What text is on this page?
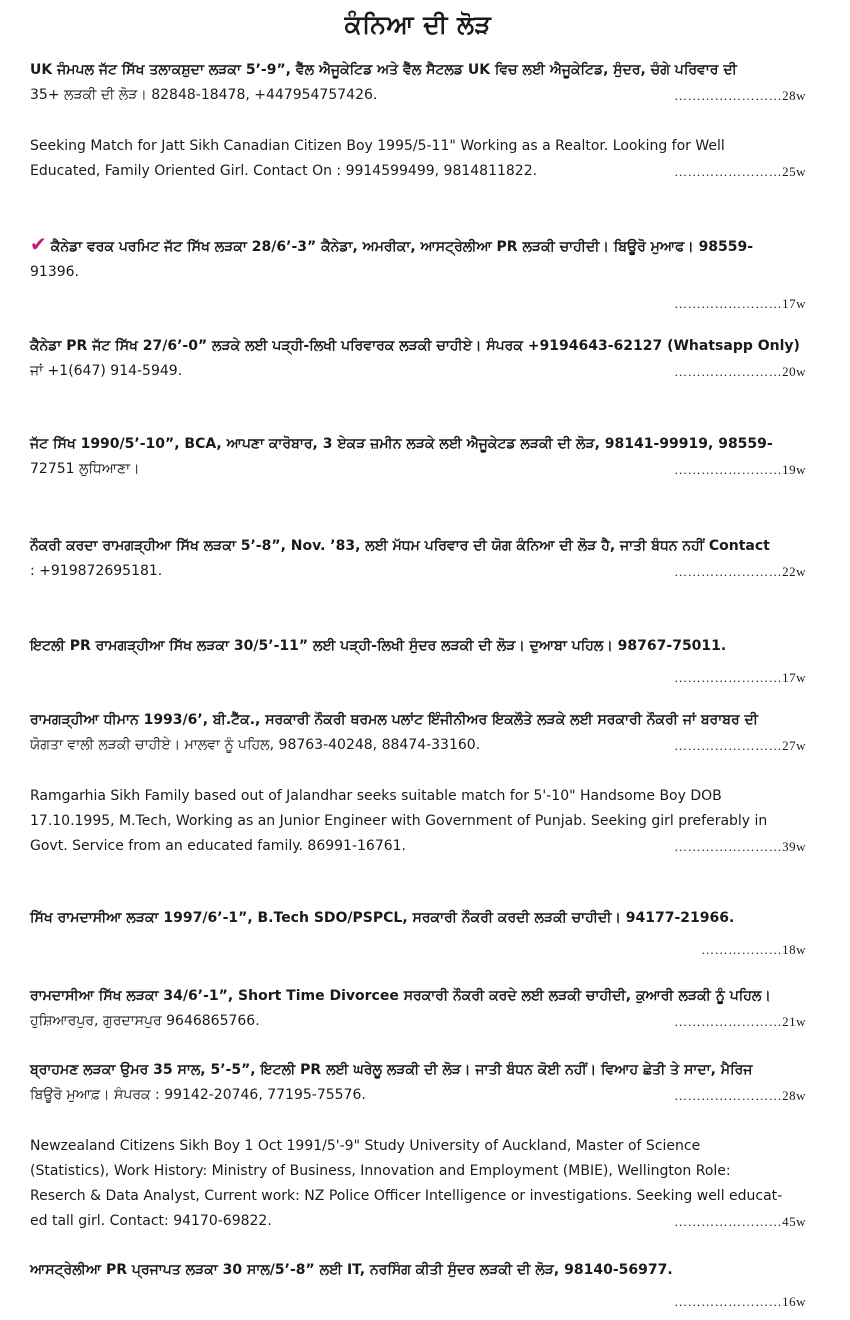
ਕੰਨਿਆ ਦੀ ਲੋੜ
UK ਜੰਮਪਲ ਜੱਟ ਸਿੱਖ ਤਲਾਕਸ਼ੁਦਾ ਲੜਕਾ 5’-9”, ਵੈੱਲ ਐਜੂਕੇਟਿਡ ਅਤੇ ਵੈੱਲ ਸੈਟਲਡ UK ਵਿਚ ਲਈ ਐਜੂਕੇਟਿਡ, ਸੁੰਦਰ, ਚੰਗੇ ਪਰਿਵਾਰ ਦੀ
35+ ਲੜਕੀ ਦੀ ਲੋੜ। 82848-18478, +447954757426.	……………………28w
Seeking Match for Jatt Sikh Canadian Citizen Boy 1995/5-11" Working as a Realtor. Looking for Well
Educated, Family Oriented Girl. Contact On : 9914599499, 9814811822.	……………………25w
✔ ਕੈਨੇਡਾ ਵਰਕ ਪਰਮਿਟ ਜੱਟ ਸਿੱਖ ਲੜਕਾ 28/6’-3” ਕੈਨੇਡਾ, ਅਮਰੀਕਾ, ਆਸਟ੍ਰੇਲੀਆ PR ਲੜਕੀ ਚਾਹੀਦੀ। ਬਿਊਰੋ ਮੁਆਫ। 98559-
91396.
……………………17w
ਕੈਨੇਡਾ PR ਜੱਟ ਸਿੱਖ 27/6’-0” ਲੜਕੇ ਲਈ ਪੜ੍ਹੀ-ਲਿਖੀ ਪਰਿਵਾਰਕ ਲੜਕੀ ਚਾਹੀਏ। ਸੰਪਰਕ +9194643-62127 (Whatsapp Only)
ਜਾਂ +1(647) 914-5949.	……………………20w
ਜੱਟ ਸਿੱਖ 1990/5’-10”, BCA, ਆਪਣਾ ਕਾਰੋਬਾਰ, 3 ਏਕੜ ਜ਼ਮੀਨ ਲੜਕੇ ਲਈ ਐਜੂਕੇਟਡ ਲੜਕੀ ਦੀ ਲੋੜ, 98141-99919, 98559-
72751 ਲੁਧਿਆਣਾ।	……………………19w
ਨੌਕਰੀ ਕਰਦਾ ਰਾਮਗੜ੍ਹੀਆ ਸਿੱਖ ਲੜਕਾ 5’-8”, Nov. ’83, ਲਈ ਮੱਧਮ ਪਰਿਵਾਰ ਦੀ ਯੋਗ ਕੰਨਿਆ ਦੀ ਲੋੜ ਹੈ, ਜਾਤੀ ਬੰਧਨ ਨਹੀਂ Contact
: +919872695181.	……………………22w
ਇਟਲੀ PR ਰਾਮਗੜ੍ਹੀਆ ਸਿੱਖ ਲੜਕਾ 30/5’-11” ਲਈ ਪੜ੍ਹੀ-ਲਿਖੀ ਸੁੰਦਰ ਲੜਕੀ ਦੀ ਲੋੜ। ਦੁਆਬਾ ਪਹਿਲ। 98767-75011.
……………………17w
ਰਾਮਗੜ੍ਹੀਆ ਧੀਮਾਨ 1993/6’, ਬੀ.ਟੈੱਕ., ਸਰਕਾਰੀ ਨੌਕਰੀ ਥਰਮਲ ਪਲਾਂਟ ਇੰਜੀਨੀਅਰ ਇਕਲੌਤੇ ਲੜਕੇ ਲਈ ਸਰਕਾਰੀ ਨੌਕਰੀ ਜਾਂ ਬਰਾਬਰ ਦੀ
ਯੋਗਤਾ ਵਾਲੀ ਲੜਕੀ ਚਾਹੀਏ। ਮਾਲਵਾ ਨੂੰ ਪਹਿਲ, 98763-40248, 88474-33160.	……………………27w
Ramgarhia Sikh Family based out of Jalandhar seeks suitable match for 5'-10" Handsome Boy DOB
17.10.1995, M.Tech, Working as an Junior Engineer with Government of Punjab. Seeking girl preferably in
Govt. Service from an educated family. 86991-16761.	……………………39w
ਸਿੱਖ ਰਾਮਦਾਸੀਆ ਲੜਕਾ 1997/6’-1”, B.Tech SDO/PSPCL, ਸਰਕਾਰੀ ਨੌਕਰੀ ਕਰਦੀ ਲੜਕੀ ਚਾਹੀਦੀ। 94177-21966.
………………18w
ਰਾਮਦਾਸੀਆ ਸਿੱਖ ਲੜਕਾ 34/6’-1”, Short Time Divorcee ਸਰਕਾਰੀ ਨੌਕਰੀ ਕਰਦੇ ਲਈ ਲੜਕੀ ਚਾਹੀਦੀ, ਕੁਆਰੀ ਲੜਕੀ ਨੂੰ ਪਹਿਲ।
ਹੁਸ਼ਿਆਰਪੁਰ, ਗੁਰਦਾਸਪੁਰ 9646865766.	……………………21w
ਬ੍ਰਾਹਮਣ ਲੜਕਾ ਉਮਰ 35 ਸਾਲ, 5’-5”, ਇਟਲੀ PR ਲਈ ਘਰੇਲੂ ਲੜਕੀ ਦੀ ਲੋੜ। ਜਾਤੀ ਬੰਧਨ ਕੋਈ ਨਹੀਂ। ਵਿਆਹ ਛੇਤੀ ਤੇ ਸਾਦਾ, ਮੈਰਿਜ
ਬਿਊਰੋ ਮੁਆਫ਼। ਸੰਪਰਕ : 99142-20746, 77195-75576.	……………………28w
Newzealand Citizens Sikh Boy 1 Oct 1991/5'-9" Study University of Auckland, Master of Science
(Statistics), Work History: Ministry of Business, Innovation and Employment (MBIE), Wellington Role:
Reserch & Data Analyst, Current work: NZ Police Officer Intelligence or investigations. Seeking well educat-
ed tall girl. Contact: 94170-69822.	……………………45w
ਆਸਟ੍ਰੇਲੀਆ PR ਪ੍ਰਜਾਪਤ ਲੜਕਾ 30 ਸਾਲ/5’-8” ਲਈ IT, ਨਰਸਿੰਗ ਕੀਤੀ ਸੁੰਦਰ ਲੜਕੀ ਦੀ ਲੋੜ, 98140-56977.
……………………16w
